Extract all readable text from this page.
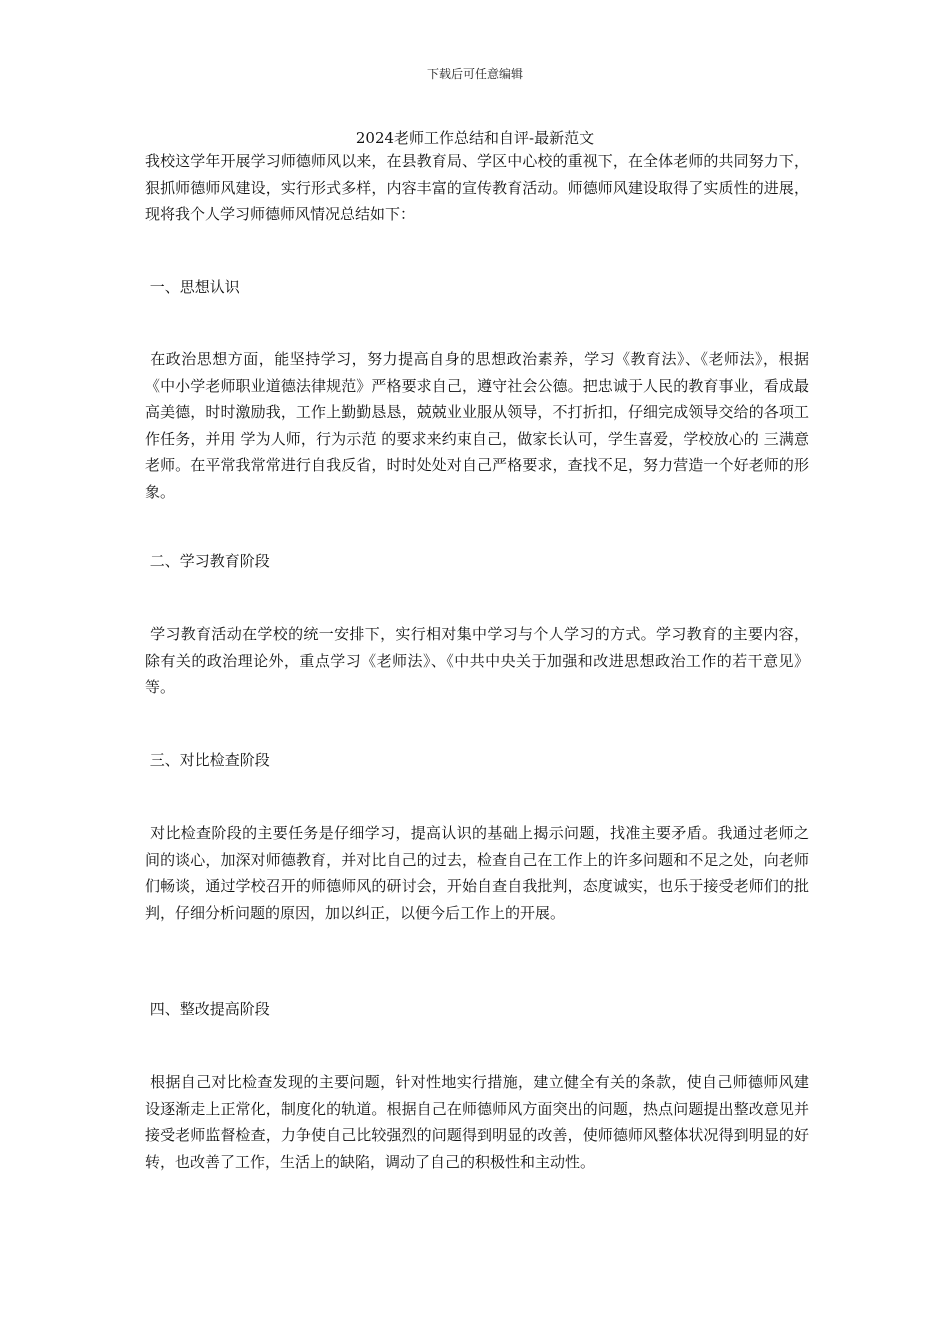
下载后可任意编辑
2024老师工作总结和自评-最新范文
我校这学年开展学习师德师风以来，在县教育局、学区中心校的重视下，在全体老师的共同努力下，狠抓师德师风建设，实行形式多样，内容丰富的宣传教育活动。师德师风建设取得了实质性的进展，现将我个人学习师德师风情况总结如下：
一、思想认识
在政治思想方面，能坚持学习，努力提高自身的思想政治素养，学习《教育法》、《老师法》，根据《中小学老师职业道德法律规范》严格要求自己，遵守社会公德。把忠诚于人民的教育事业，看成最高美德，时时激励我，工作上勤勤恳恳，兢兢业业服从领导，不打折扣，仔细完成领导交给的各项工作任务，并用 学为人师，行为示范 的要求来约束自己，做家长认可，学生喜爱，学校放心的 三满意 老师。在平常我常常进行自我反省，时时处处对自己严格要求，查找不足，努力营造一个好老师的形象。
二、学习教育阶段
学习教育活动在学校的统一安排下，实行相对集中学习与个人学习的方式。学习教育的主要内容，除有关的政治理论外，重点学习《老师法》、《中共中央关于加强和改进思想政治工作的若干意见》等。
三、对比检查阶段
对比检查阶段的主要任务是仔细学习，提高认识的基础上揭示问题，找准主要矛盾。我通过老师之间的谈心，加深对师德教育，并对比自己的过去，检查自己在工作上的许多问题和不足之处，向老师们畅谈，通过学校召开的师德师风的研讨会，开始自查自我批判，态度诚实，也乐于接受老师们的批判，仔细分析问题的原因，加以纠正，以便今后工作上的开展。
四、整改提高阶段
根据自己对比检查发现的主要问题，针对性地实行措施，建立健全有关的条款，使自己师德师风建设逐渐走上正常化，制度化的轨道。根据自己在师德师风方面突出的问题，热点问题提出整改意见并接受老师监督检查，力争使自己比较强烈的问题得到明显的改善，使师德师风整体状况得到明显的好转，也改善了工作，生活上的缺陷，调动了自己的积极性和主动性。
